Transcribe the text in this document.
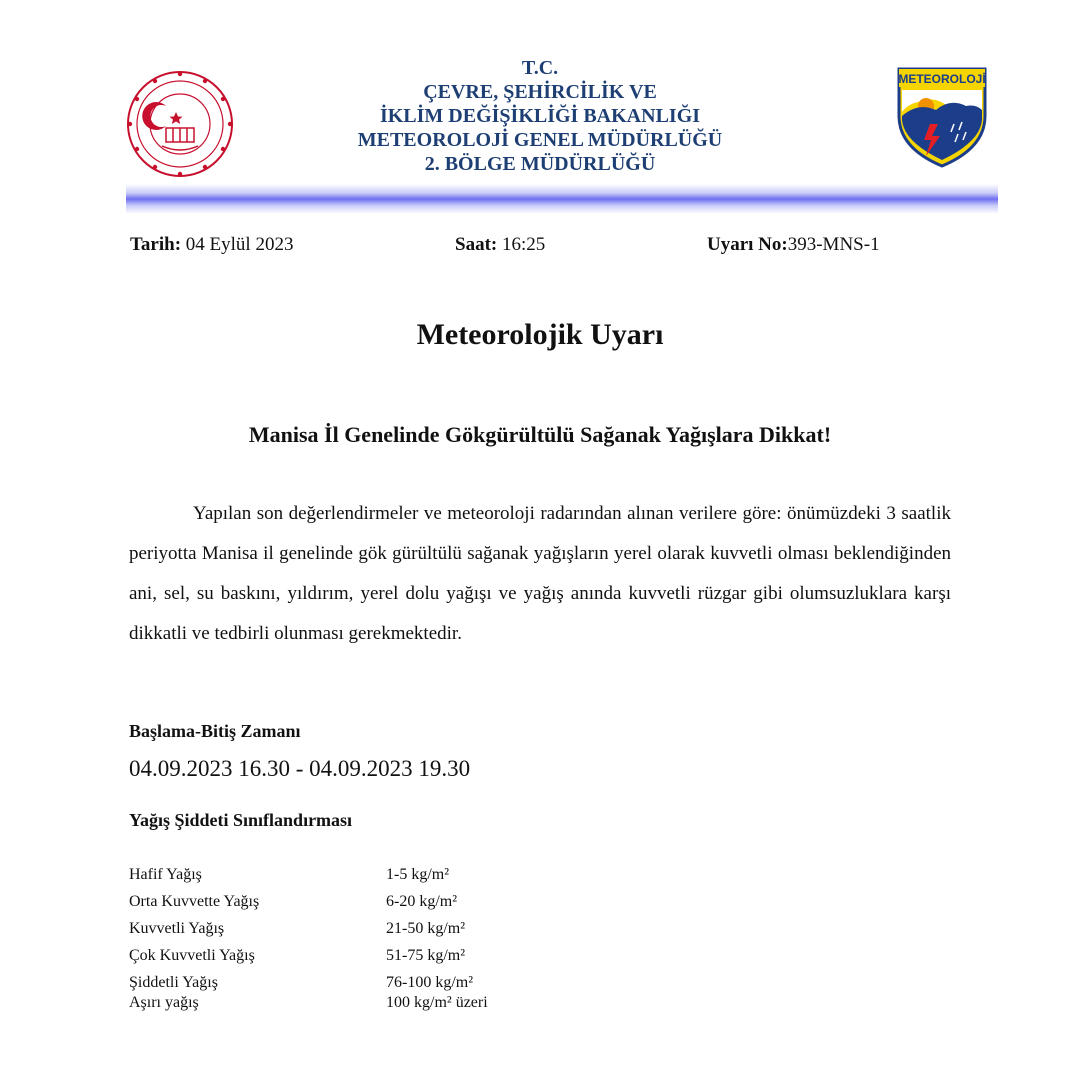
T.C.
ÇEVRE, ŞEHİRCİLİK VE
İKLİM DEĞİŞİKLİĞİ BAKANLIĞI
METEOROLOJİ GENEL MÜDÜRLÜĞÜ
2. BÖLGE MÜDÜRLÜĞÜ
METEOROLOJİ
Tarih: 04 Eylül 2023	Saat: 16:25	Uyarı No:393-MNS-1
Meteorolojik Uyarı
Manisa İl Genelinde Gökgürültülü Sağanak Yağışlara Dikkat!

Yapılan son değerlendirmeler ve meteoroloji radarından alınan verilere göre: önümüzdeki 3 saatlik periyotta Manisa il genelinde gök gürültülü sağanak yağışların yerel olarak kuvvetli olması beklendiğinden ani, sel, su baskını, yıldırım, yerel dolu yağışı ve yağış anında kuvvetli rüzgar gibi olumsuzluklara karşı dikkatli ve tedbirli olunması gerekmektedir.

Başlama-Bitiş Zamanı
04.09.2023 16.30 - 04.09.2023 19.30
Yağış Şiddeti Sınıflandırması
Hafif Yağış	1-5 kg/m²
Orta Kuvvette Yağış	6-20 kg/m²
Kuvvetli Yağış	21-50 kg/m²
Çok Kuvvetli Yağış	51-75 kg/m²
Şiddetli Yağış	76-100 kg/m²
Aşırı yağış	100 kg/m² üzeri
